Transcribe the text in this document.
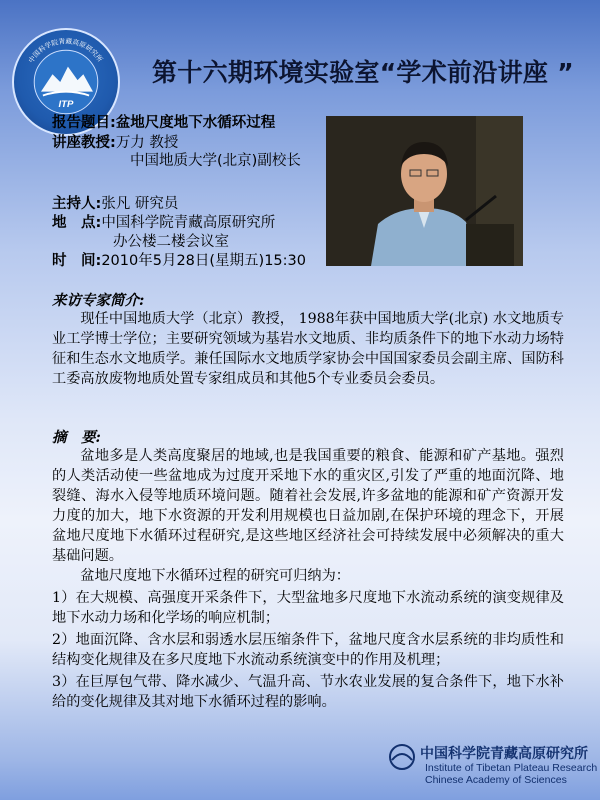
ITP
中国科学院青藏高原研究所 第十六期环境实验室“学术前沿讲座 ”
报告题目:盆地尺度地下水循环过程
讲座教授:万力 教授
中国地质大学(北京)副校长
主持人:张凡 研究员
地　点:中国科学院青藏高原研究所
办公楼二楼会议室
时　间:2010年5月28日(星期五)15:30
来访专家简介:
现任中国地质大学（北京）教授， 1988年获中国地质大学(北京) 水文地质专业工学博士学位；主要研究领域为基岩水文地质、非均质条件下的地下水动力场特征和生态水文地质学。兼任国际水文地质学家协会中国国家委员会副主席、国防科工委高放废物地质处置专家组成员和其他5个专业委员会委员。
摘　要:
盆地多是人类高度聚居的地域,也是我国重要的粮食、能源和矿产基地。强烈的人类活动使一些盆地成为过度开采地下水的重灾区,引发了严重的地面沉降、地裂缝、海水入侵等地质环境问题。随着社会发展,许多盆地的能源和矿产资源开发力度的加大，地下水资源的开发利用规模也日益加剧,在保护环境的理念下，开展盆地尺度地下水循环过程研究,是这些地区经济社会可持续发展中必须解决的重大基础问题。
盆地尺度地下水循环过程的研究可归纳为：
1）在大规模、高强度开采条件下，大型盆地多尺度地下水流动系统的演变规律及地下水动力场和化学场的响应机制；
2）地面沉降、含水层和弱透水层压缩条件下，盆地尺度含水层系统的非均质性和结构变化规律及在多尺度地下水流动系统演变中的作用及机理；
3）在巨厚包气带、降水减少、气温升高、节水农业发展的复合条件下，地下水补给的变化规律及其对地下水循环过程的影响。
中国科学院青藏高原研究所
Institute of Tibetan Plateau Research
Chinese Academy of Sciences
